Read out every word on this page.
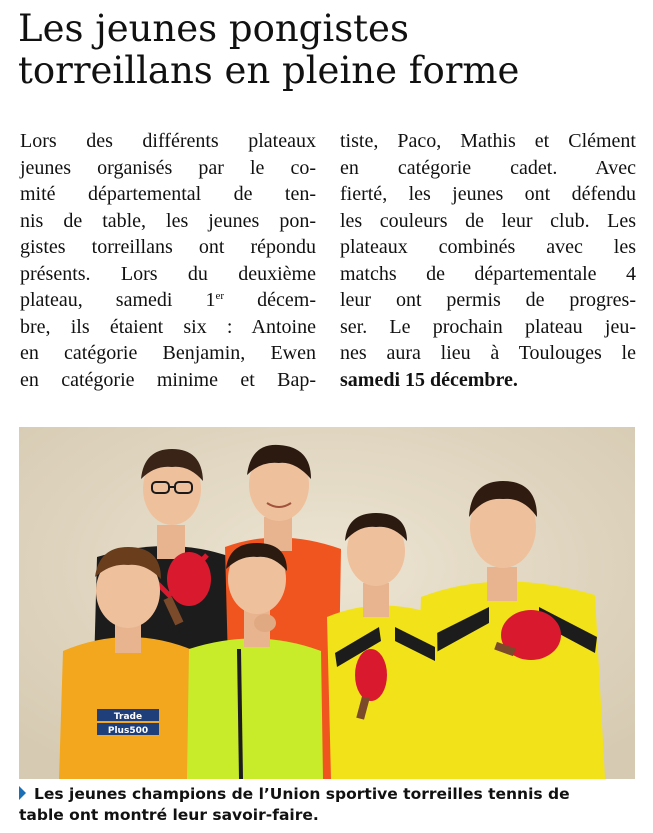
Les jeunes pongistes
torreillans en pleine forme
Lors des différents plateaux
jeunes organisés par le co-
mité départemental de ten-
nis de table, les jeunes pon-
gistes torreillans ont répondu
présents. Lors du deuxième
plateau, samedi 1er décem-
bre, ils étaient six : Antoine
en catégorie Benjamin, Ewen
en catégorie minime et Bap-
tiste, Paco, Mathis et Clément
en catégorie cadet. Avec
fierté, les jeunes ont défendu
les couleurs de leur club. Les
plateaux combinés avec les
matchs de départementale 4
leur ont permis de progres-
ser. Le prochain plateau jeu-
nes aura lieu à Toulouges le
samedi 15 décembre.
Trade
Plus500
Les jeunes champions de l’Union sportive torreilles tennis de
table ont montré leur savoir-faire.
